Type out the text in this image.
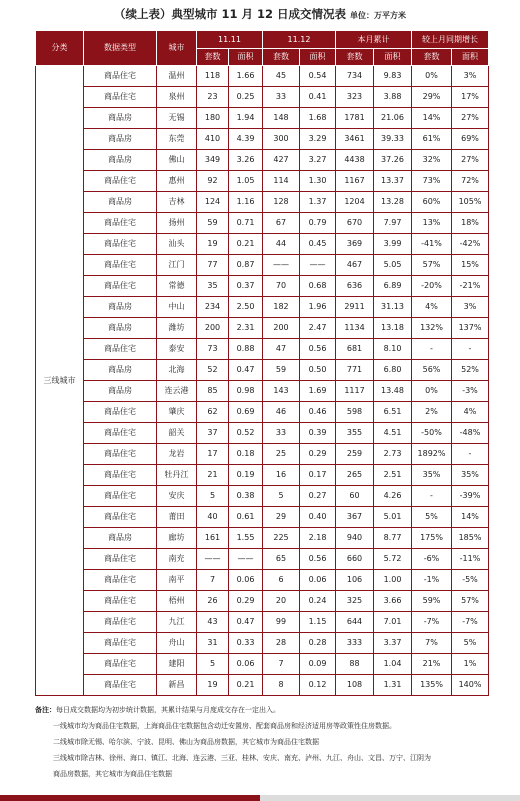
（续上表）典型城市 11 月 12 日成交情况表 单位：万平方米
分类	数据类型	城市	11.11		11.12		本月累计		较上月同期增长	
			套数	面积	套数	面积	套数	面积	套数	面积
三线城市	商品住宅	温州	118	1.66	45	0.54	734	9.83	0%	3%
	商品住宅	泉州	23	0.25	33	0.41	323	3.88	29%	17%
	商品房	无锡	180	1.94	148	1.68	1781	21.06	14%	27%
	商品房	东莞	410	4.39	300	3.29	3461	39.33	61%	69%
	商品房	佛山	349	3.26	427	3.27	4438	37.26	32%	27%
	商品住宅	惠州	92	1.05	114	1.30	1167	13.37	73%	72%
	商品房	吉林	124	1.16	128	1.37	1204	13.28	60%	105%
	商品住宅	扬州	59	0.71	67	0.79	670	7.97	13%	18%
	商品住宅	汕头	19	0.21	44	0.45	369	3.99	-41%	-42%
	商品住宅	江门	77	0.87	——	——	467	5.05	57%	15%
	商品住宅	常德	35	0.37	70	0.68	636	6.89	-20%	-21%
	商品房	中山	234	2.50	182	1.96	2911	31.13	4%	3%
	商品房	潍坊	200	2.31	200	2.47	1134	13.18	132%	137%
	商品住宅	泰安	73	0.88	47	0.56	681	8.10	-	-
	商品房	北海	52	0.47	59	0.50	771	6.80	56%	52%
	商品房	连云港	85	0.98	143	1.69	1117	13.48	0%	-3%
	商品住宅	肇庆	62	0.69	46	0.46	598	6.51	2%	4%
	商品住宅	韶关	37	0.52	33	0.39	355	4.51	-50%	-48%
	商品住宅	龙岩	17	0.18	25	0.29	259	2.73	1892%	-
	商品住宅	牡丹江	21	0.19	16	0.17	265	2.51	35%	35%
	商品住宅	安庆	5	0.38	5	0.27	60	4.26	-	-39%
	商品住宅	莆田	40	0.61	29	0.40	367	5.01	5%	14%
	商品房	廊坊	161	1.55	225	2.18	940	8.77	175%	185%
	商品住宅	南充	——	——	65	0.56	660	5.72	-6%	-11%
	商品住宅	南平	7	0.06	6	0.06	106	1.00	-1%	-5%
	商品住宅	梧州	26	0.29	20	0.24	325	3.66	59%	57%
	商品住宅	九江	43	0.47	99	1.15	644	7.01	-7%	-7%
	商品住宅	舟山	31	0.33	28	0.28	333	3.37	7%	5%
	商品住宅	建阳	5	0.06	7	0.09	88	1.04	21%	1%
	商品住宅	新昌	19	0.21	8	0.12	108	1.31	135%	140%
备注：每日成交数据均为初步统计数据，其累计结果与月度成交存在一定出入。
一线城市均为商品住宅数据，上海商品住宅数据包含动迁安置房、配套商品房和经济适用房等政策性住房数据。
二线城市除无锡、哈尔滨、宁波、昆明、佛山为商品房数据，其它城市为商品住宅数据
三线城市除吉林、徐州、海口、镇江、北海、连云港、三亚、桂林、安庆、南充、泸州、九江、舟山、文昌、万宁、江阴为
商品房数据，其它城市为商品住宅数据
